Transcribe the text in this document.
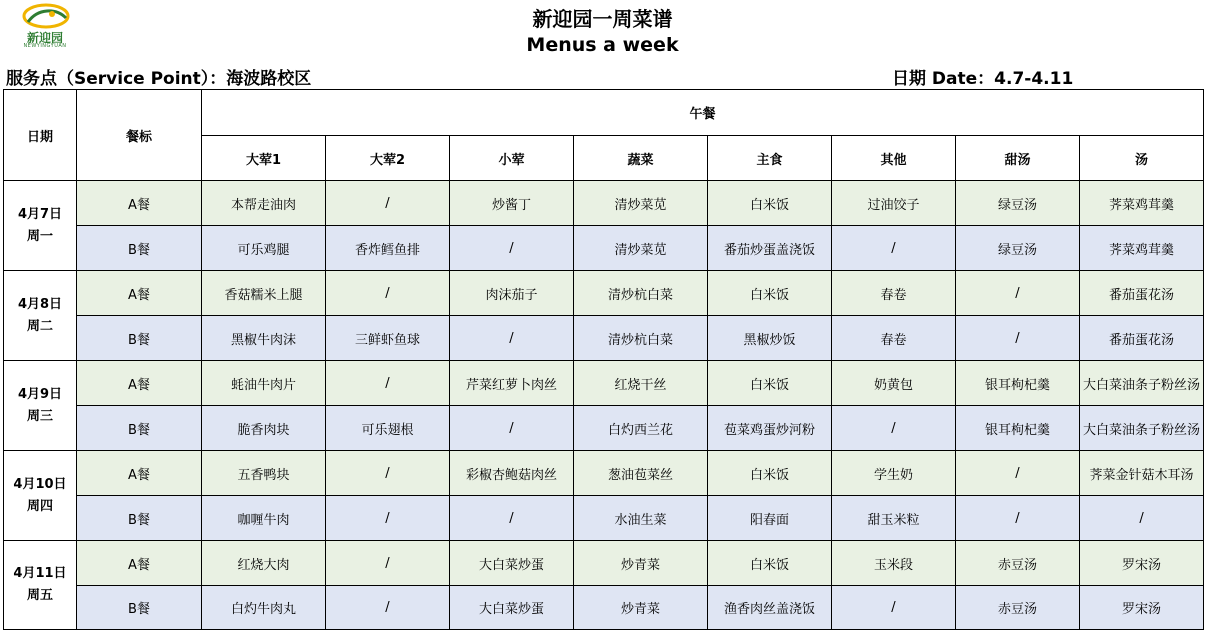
新迎园
NEWYINGYUAN
新迎园一周菜谱
Menus a week
服务点（Service Point）：海波路校区	日期 Date：4.7-4.11
日期	餐标	午餐							
		大荤1	大荤2	小荤	蔬菜	主食	其他	甜汤	汤

4月7日
周一	A餐	本帮走油肉	/	炒酱丁	清炒菜苋	白米饭	过油饺子	绿豆汤	荠菜鸡茸羹
	B餐	可乐鸡腿	香炸鳕鱼排	/	清炒菜苋	番茄炒蛋盖浇饭	/	绿豆汤	荠菜鸡茸羹

4月8日
周二	A餐	香菇糯米上腿	/	肉沫茄子	清炒杭白菜	白米饭	春卷	/	番茄蛋花汤
	B餐	黑椒牛肉沫	三鲜虾鱼球	/	清炒杭白菜	黑椒炒饭	春卷	/	番茄蛋花汤

4月9日
周三	A餐	蚝油牛肉片	/	芹菜红萝卜肉丝	红烧干丝	白米饭	奶黄包	银耳枸杞羹	大白菜油条子粉丝汤
	B餐	脆香肉块	可乐翅根	/	白灼西兰花	苞菜鸡蛋炒河粉	/	银耳枸杞羹	大白菜油条子粉丝汤

4月10日
周四	A餐	五香鸭块	/	彩椒杏鲍菇肉丝	葱油苞菜丝	白米饭	学生奶	/	荠菜金针菇木耳汤
	B餐	咖喱牛肉	/	/	水油生菜	阳春面	甜玉米粒	/	/

4月11日
周五	A餐	红烧大肉	/	大白菜炒蛋	炒青菜	白米饭	玉米段	赤豆汤	罗宋汤
	B餐	白灼牛肉丸	/	大白菜炒蛋	炒青菜	渔香肉丝盖浇饭	/	赤豆汤	罗宋汤
